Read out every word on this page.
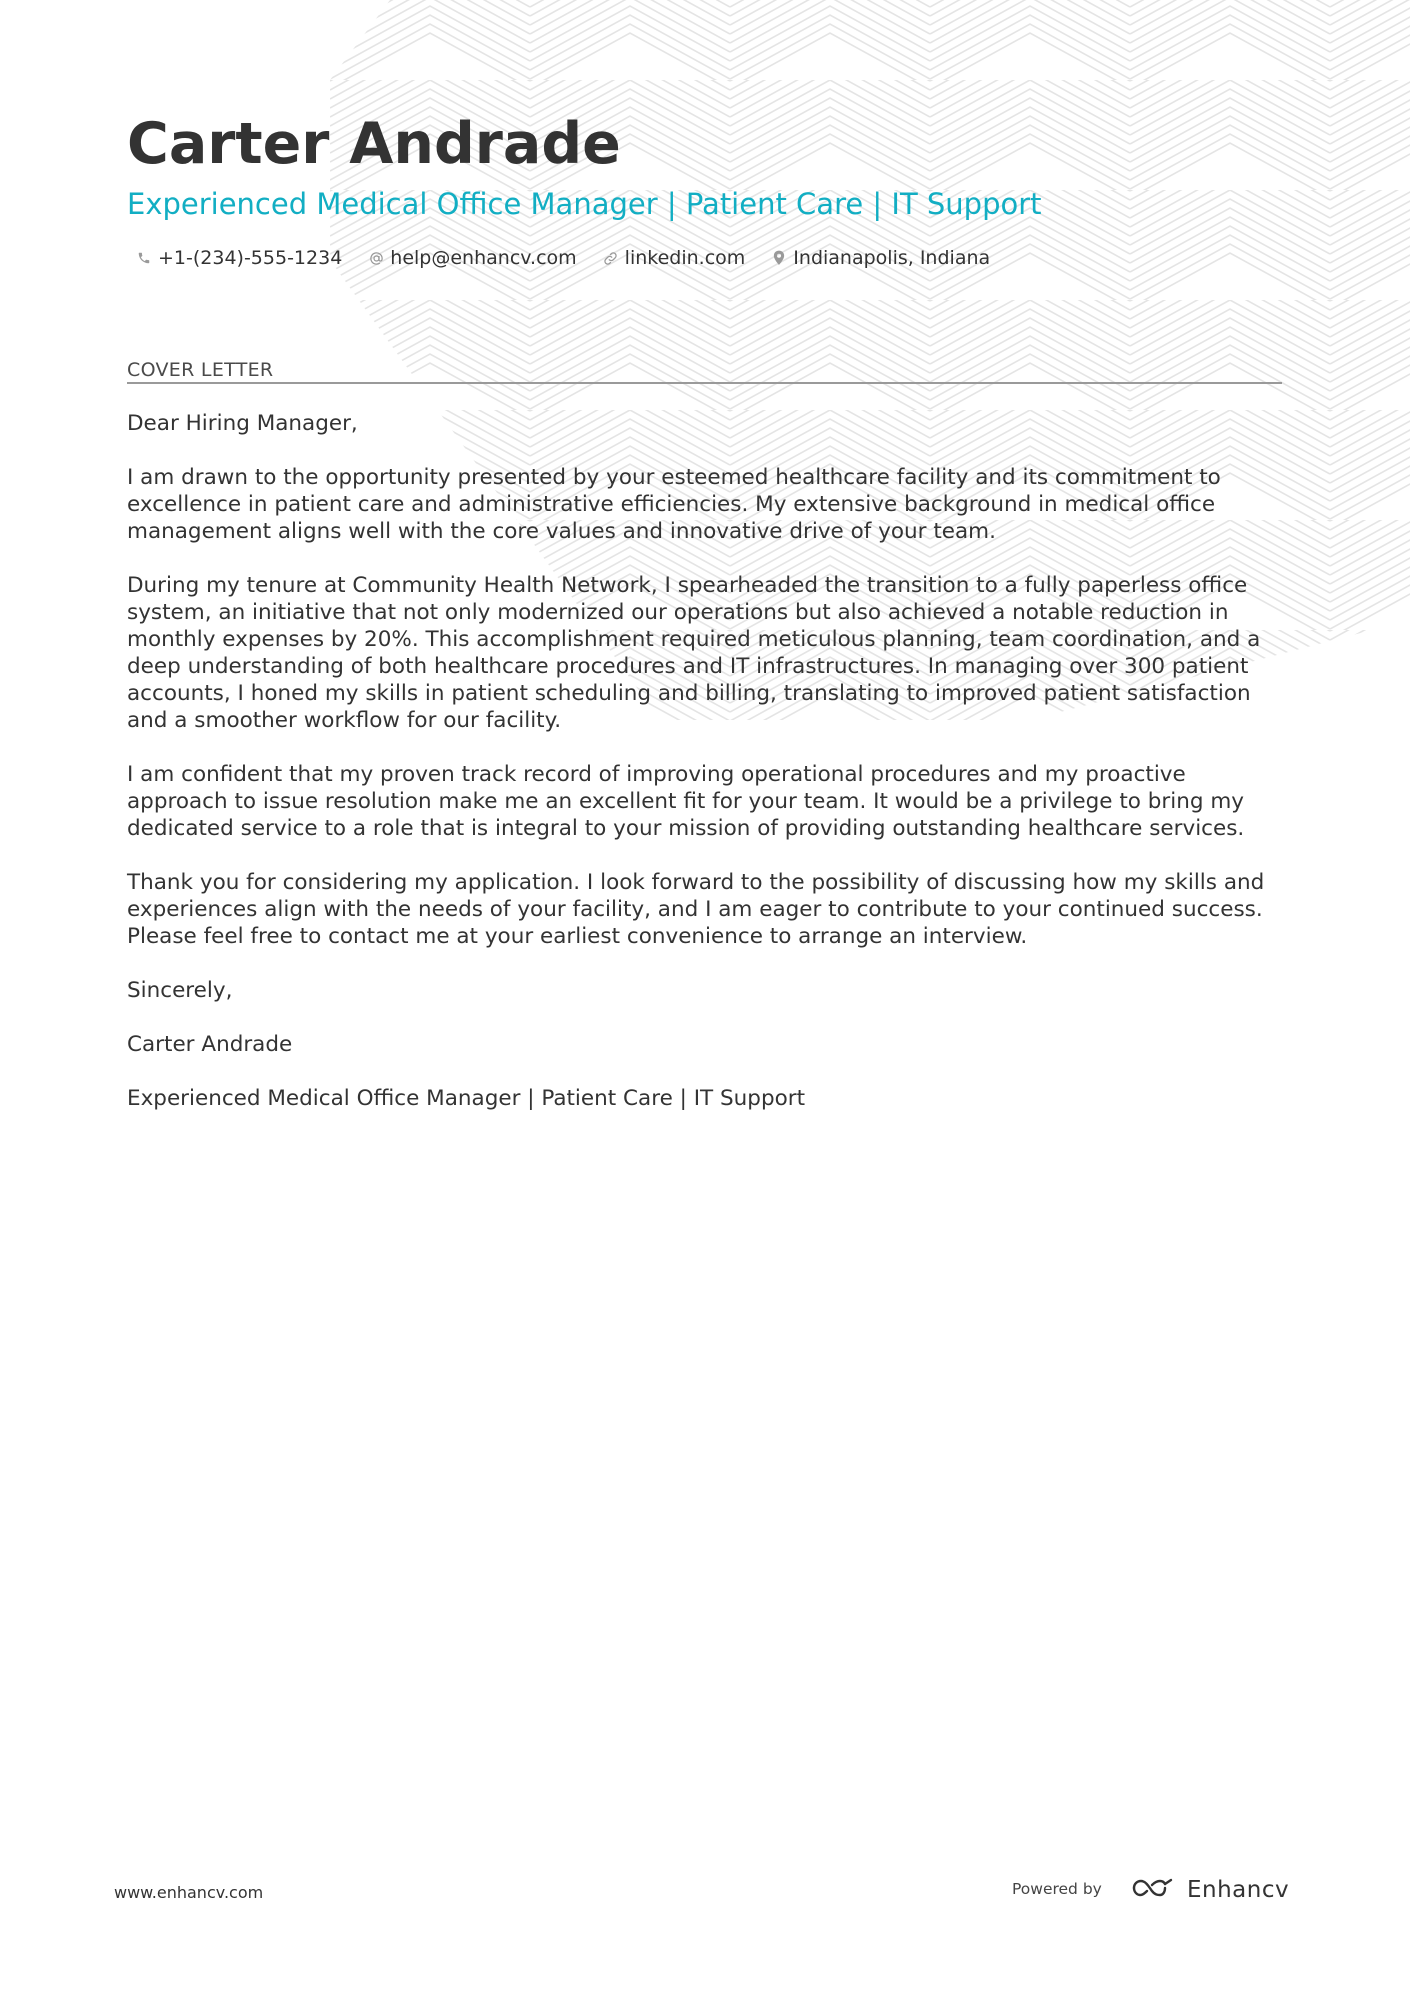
Carter Andrade
Experienced Medical Office Manager | Patient Care | IT Support
+1-(234)-555-1234	help@enhancv.com	linkedin.com	Indianapolis, Indiana
COVER LETTER

Dear Hiring Manager,

I am drawn to the opportunity presented by your esteemed healthcare facility and its commitment to excellence in patient care and administrative efficiencies. My extensive background in medical office management aligns well with the core values and innovative drive of your team.

During my tenure at Community Health Network, I spearheaded the transition to a fully paperless office system, an initiative that not only modernized our operations but also achieved a notable reduction in monthly expenses by 20%. This accomplishment required meticulous planning, team coordination, and a deep understanding of both healthcare procedures and IT infrastructures. In managing over 300 patient accounts, I honed my skills in patient scheduling and billing, translating to improved patient satisfaction and a smoother workflow for our facility.

I am confident that my proven track record of improving operational procedures and my proactive approach to issue resolution make me an excellent fit for your team. It would be a privilege to bring my dedicated service to a role that is integral to your mission of providing outstanding healthcare services.

Thank you for considering my application. I look forward to the possibility of discussing how my skills and experiences align with the needs of your facility, and I am eager to contribute to your continued success. Please feel free to contact me at your earliest convenience to arrange an interview.

Sincerely,

Carter Andrade

Experienced Medical Office Manager | Patient Care | IT Support

www.enhancv.com	Powered by	Enhancv
